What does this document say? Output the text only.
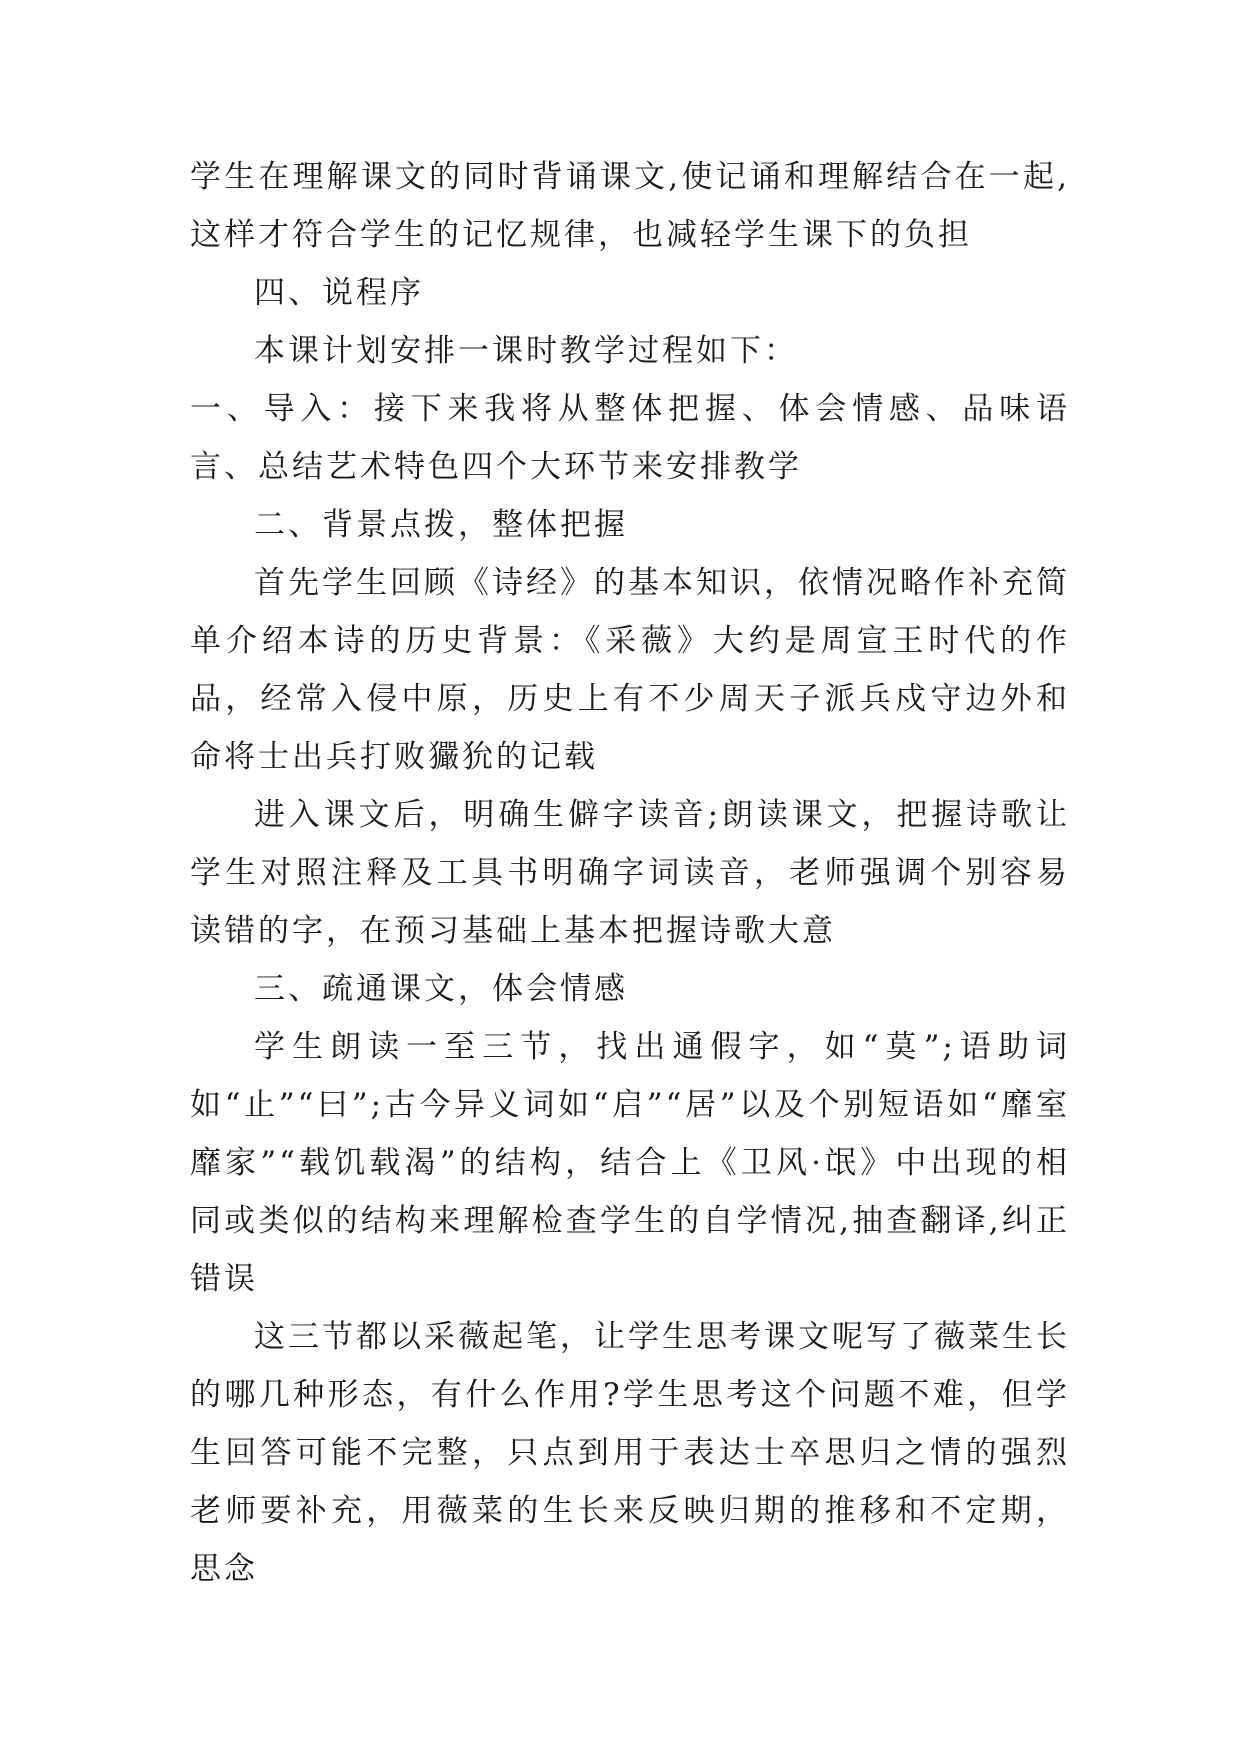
学生在理解课文的同时背诵课文,使记诵和理解结合在一起,这样才符合学生的记忆规律，也减轻学生课下的负担

四、说程序

本课计划安排一课时教学过程如下：

一、导入：接下来我将从整体把握、体会情感、品味语言、总结艺术特色四个大环节来安排教学

二、背景点拨，整体把握

首先学生回顾《诗经》的基本知识，依情况略作补充简单介绍本诗的历史背景：《采薇》大约是周宣王时代的作品，经常入侵中原，历史上有不少周天子派兵戍守边外和命将士出兵打败玁狁的记载

进入课文后，明确生僻字读音;朗读课文，把握诗歌让学生对照注释及工具书明确字词读音，老师强调个别容易读错的字，在预习基础上基本把握诗歌大意

三、疏通课文，体会情感

学生朗读一至三节，找出通假字，如“莫”;语助词如“止”“曰”;古今异义词如“启”“居”以及个别短语如“靡室靡家”“载饥载渴”的结构，结合上《卫风·氓》中出现的相同或类似的结构来理解检查学生的自学情况,抽查翻译,纠正错误

这三节都以采薇起笔，让学生思考课文呢写了薇菜生长的哪几种形态，有什么作用?学生思考这个问题不难，但学生回答可能不完整，只点到用于表达士卒思归之情的强烈老师要补充，用薇菜的生长来反映归期的推移和不定期，思念
